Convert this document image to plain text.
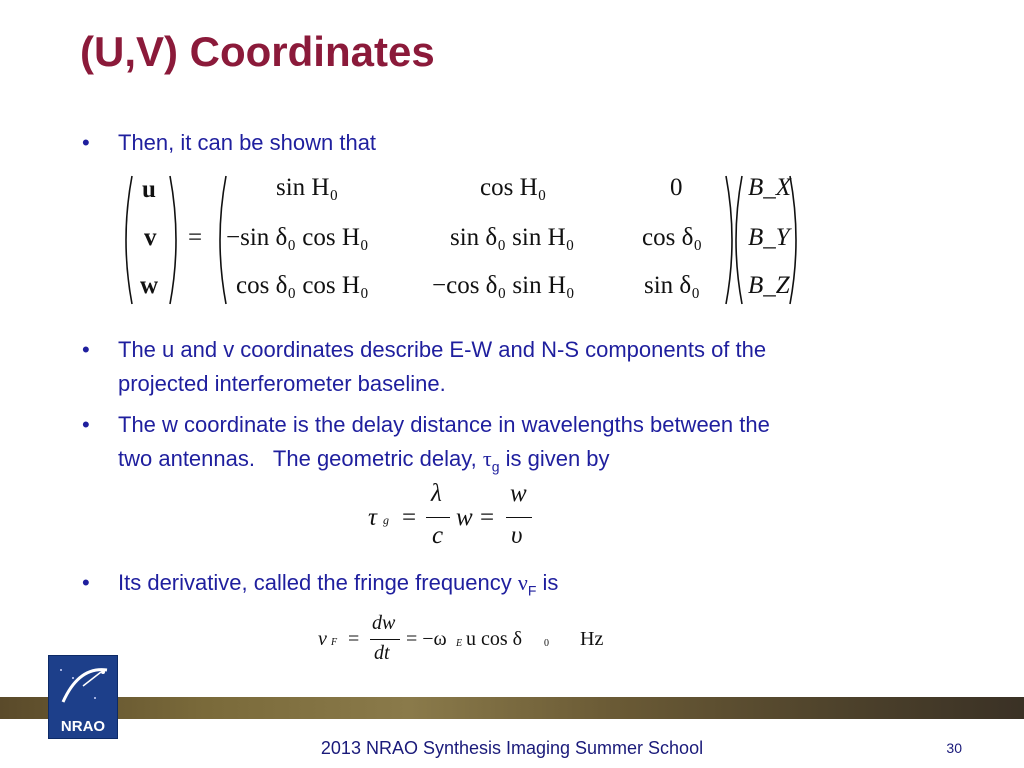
(U,V) Coordinates
• Then, it can be shown that
u
v
w
=
sin H₀	cos H₀	0
−sin δ₀ cos H₀	sin δ₀ sin H₀	cos δ₀
cos δ₀ cos H₀	−cos δ₀ sin H₀	sin δ₀
B_X
B_Y
B_Z
• The u and v coordinates describe E-W and N-S components of the
projected interferometer baseline.
• The w coordinate is the delay distance in wavelengths between the
two antennas.   The geometric delay, $\tau_g$ is given by
τ g =
λ
c
w =
w
υ
• Its derivative, called the fringe frequency $\nu_F$ is
ν F =
dw
dt
= −ω E u cos δ 0 Hz
NRAO
2013 NRAO Synthesis Imaging Summer School	30
